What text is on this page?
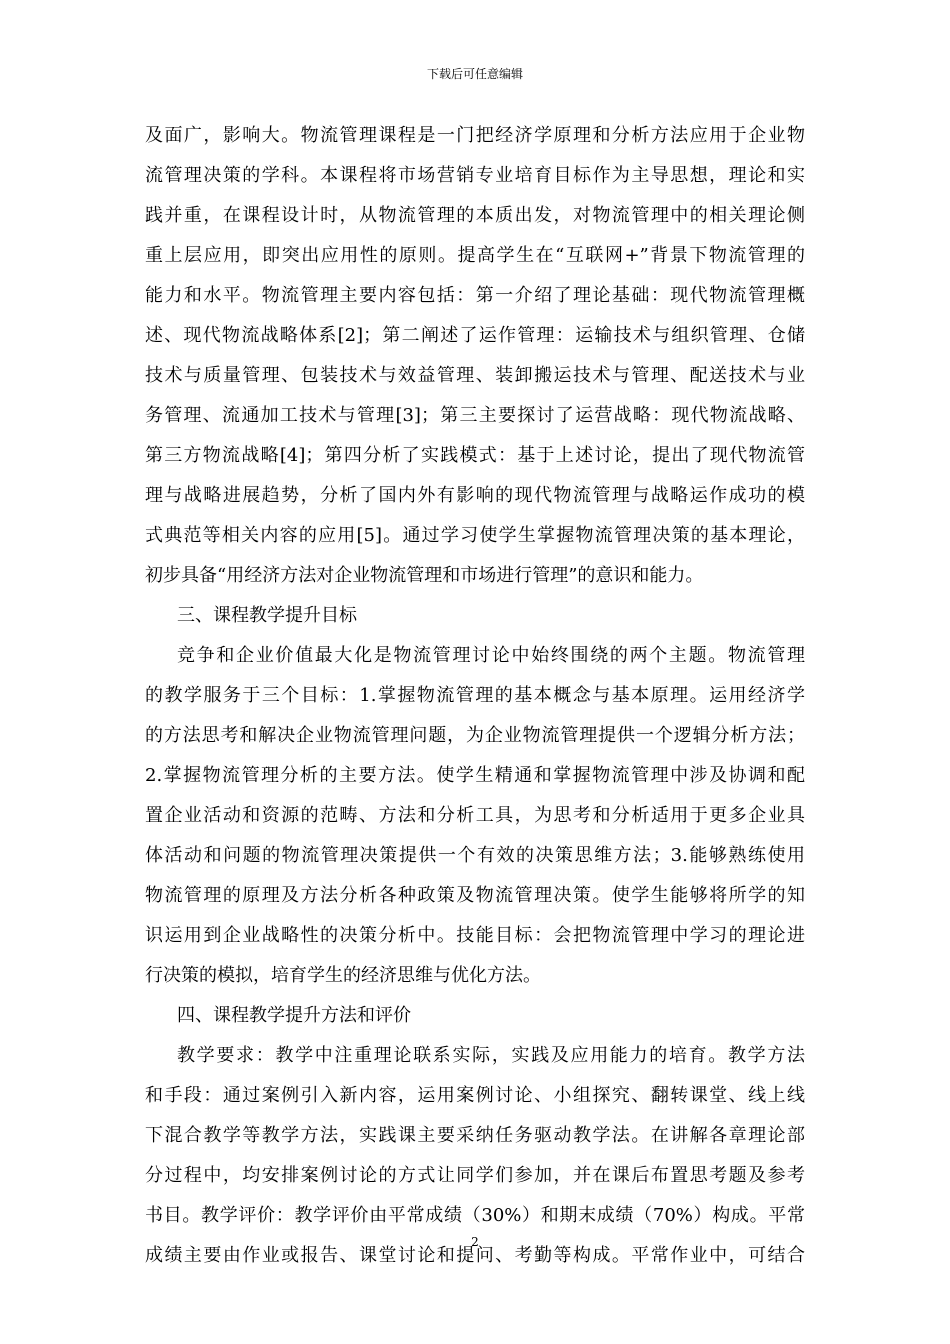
下载后可任意编辑
及面广，影响大。物流管理课程是一门把经济学原理和分析方法应用于企业物
流管理决策的学科。本课程将市场营销专业培育目标作为主导思想，理论和实
践并重，在课程设计时，从物流管理的本质出发，对物流管理中的相关理论侧
重上层应用，即突出应用性的原则。提高学生在“互联网+”背景下物流管理的
能力和水平。物流管理主要内容包括：第一介绍了理论基础：现代物流管理概
述、现代物流战略体系[2]；第二阐述了运作管理：运输技术与组织管理、仓储
技术与质量管理、包装技术与效益管理、装卸搬运技术与管理、配送技术与业
务管理、流通加工技术与管理[3]；第三主要探讨了运营战略：现代物流战略、
第三方物流战略[4]；第四分析了实践模式：基于上述讨论，提出了现代物流管
理与战略进展趋势，分析了国内外有影响的现代物流管理与战略运作成功的模
式典范等相关内容的应用[5]。通过学习使学生掌握物流管理决策的基本理论，
初步具备“用经济方法对企业物流管理和市场进行管理”的意识和能力。
三、课程教学提升目标
竞争和企业价值最大化是物流管理讨论中始终围绕的两个主题。物流管理
的教学服务于三个目标：1.掌握物流管理的基本概念与基本原理。运用经济学
的方法思考和解决企业物流管理问题，为企业物流管理提供一个逻辑分析方法；
2.掌握物流管理分析的主要方法。使学生精通和掌握物流管理中涉及协调和配
置企业活动和资源的范畴、方法和分析工具，为思考和分析适用于更多企业具
体活动和问题的物流管理决策提供一个有效的决策思维方法；3.能够熟练使用
物流管理的原理及方法分析各种政策及物流管理决策。使学生能够将所学的知
识运用到企业战略性的决策分析中。技能目标：会把物流管理中学习的理论进
行决策的模拟，培育学生的经济思维与优化方法。
四、课程教学提升方法和评价
教学要求：教学中注重理论联系实际，实践及应用能力的培育。教学方法
和手段：通过案例引入新内容，运用案例讨论、小组探究、翻转课堂、线上线
下混合教学等教学方法，实践课主要采纳任务驱动教学法。在讲解各章理论部
分过程中，均安排案例讨论的方式让同学们参加，并在课后布置思考题及参考
书目。教学评价：教学评价由平常成绩（30%）和期末成绩（70%）构成。平常
成绩主要由作业或报告、课堂讨论和提问、考勤等构成。平常作业中，可结合
2
